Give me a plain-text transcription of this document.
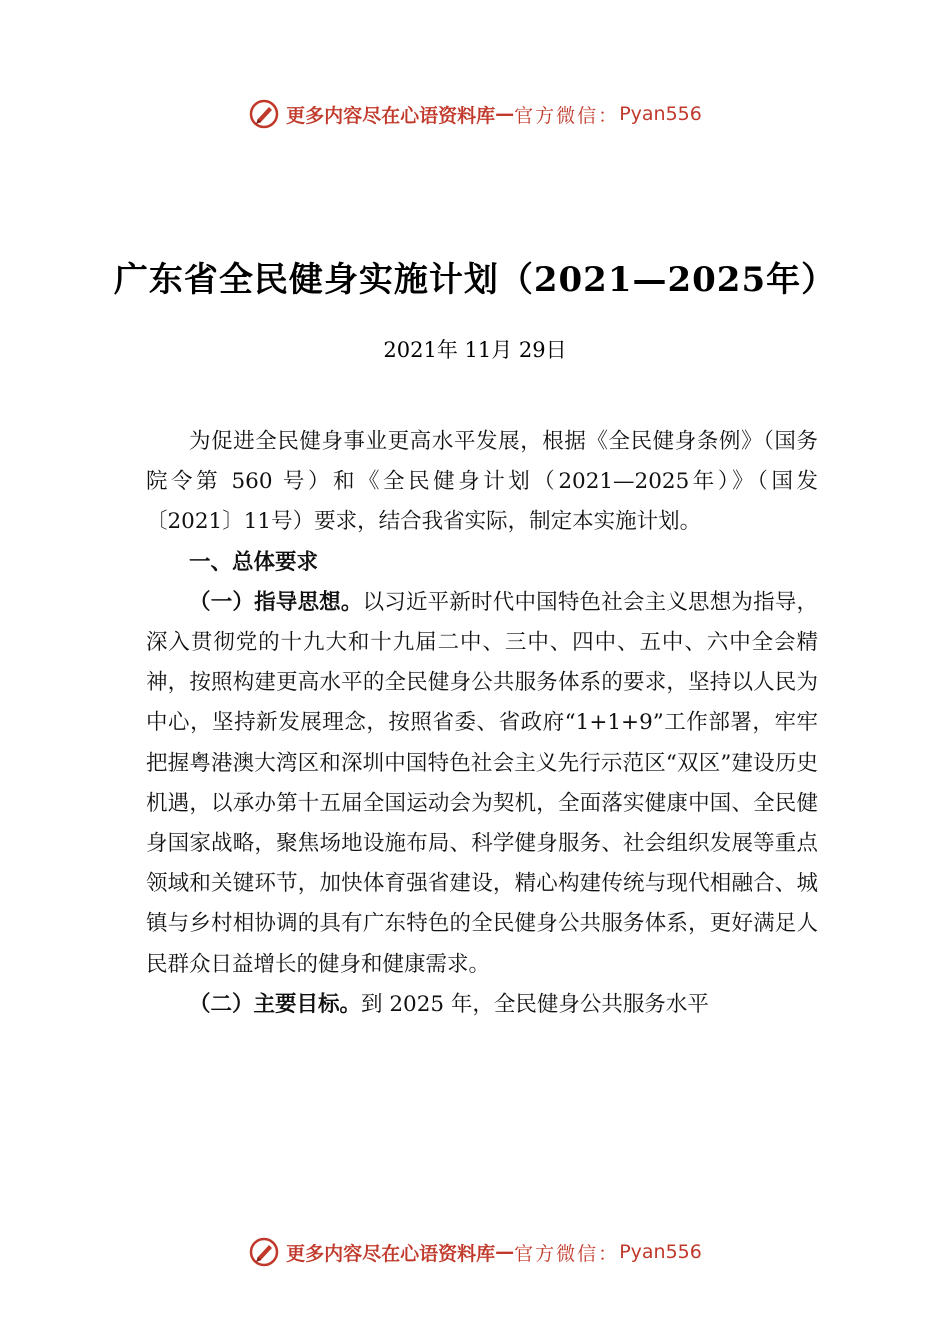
更多内容尽在心语资料库 — 官方微信： Pyan556
广东省全民健身实施计划（2021—2025年）
2021年 11月 29日

为促进全民健身事业更高水平发展，根据《全民健身条例》（国务院令第 560 号）和《全民健身计划（2021—2025年）》（国发〔2021〕11号）要求，结合我省实际，制定本实施计划。

一、总体要求

（一）指导思想。以习近平新时代中国特色社会主义思想为指导，深入贯彻党的十九大和十九届二中、三中、四中、五中、六中全会精神，按照构建更高水平的全民健身公共服务体系的要求，坚持以人民为中心，坚持新发展理念，按照省委、省政府“1+1+9”工作部署，牢牢把握粤港澳大湾区和深圳中国特色社会主义先行示范区“双区”建设历史机遇，以承办第十五届全国运动会为契机，全面落实健康中国、全民健身国家战略，聚焦场地设施布局、科学健身服务、社会组织发展等重点领域和关键环节，加快体育强省建设，精心构建传统与现代相融合、城镇与乡村相协调的具有广东特色的全民健身公共服务体系，更好满足人民群众日益增长的健身和健康需求。

（二）主要目标。到 2025 年，全民健身公共服务水平

更多内容尽在心语资料库 — 官方微信： Pyan556
